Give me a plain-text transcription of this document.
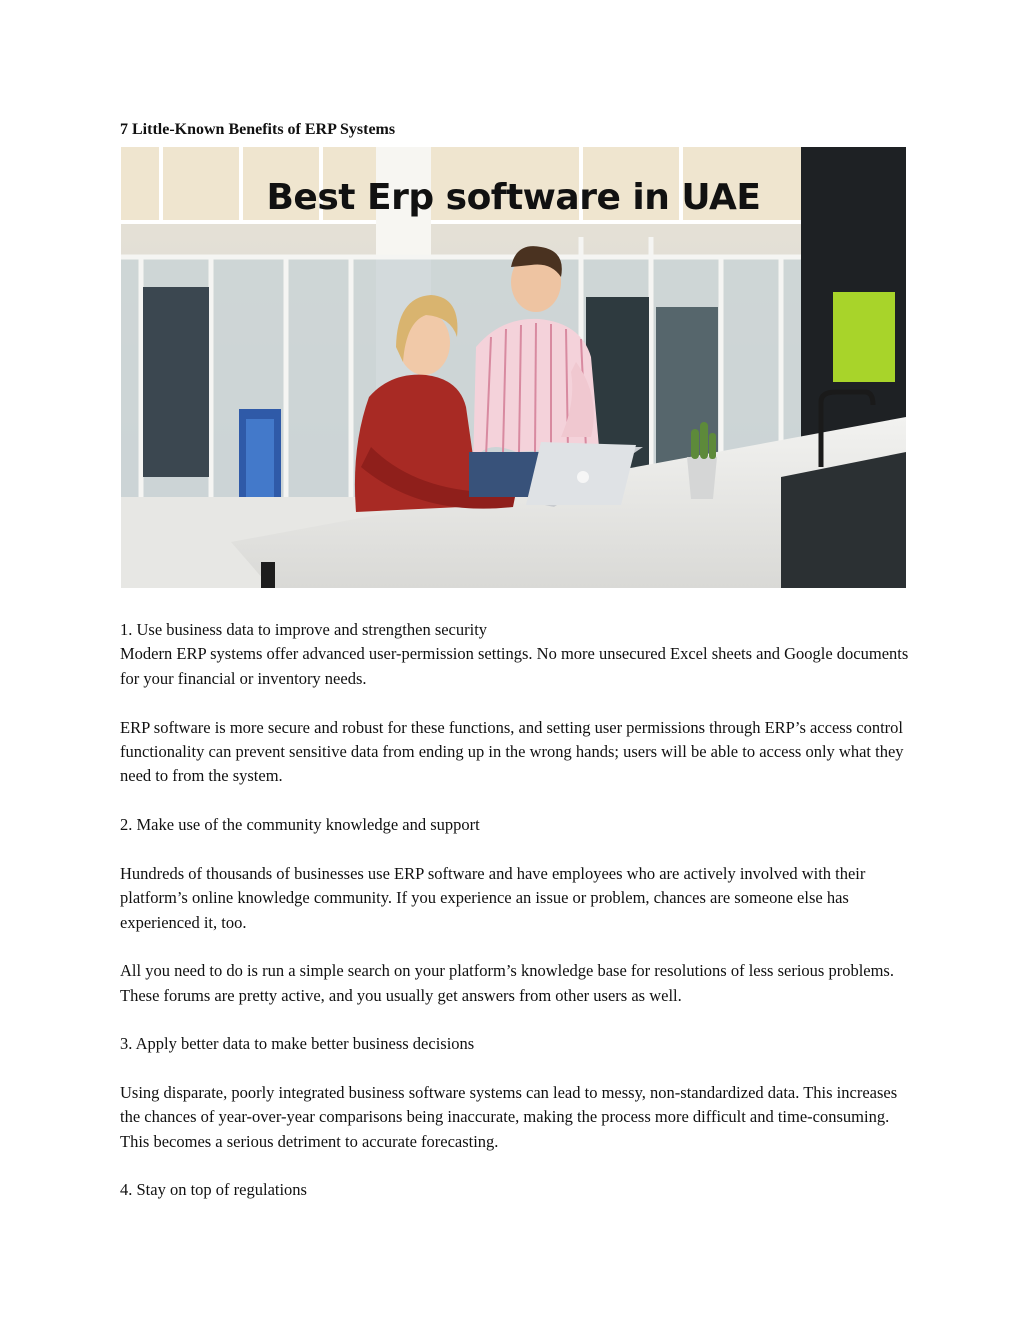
7 Little-Known Benefits of ERP Systems
Best Erp software in UAE

1. Use business data to improve and strengthen security

Modern ERP systems offer advanced user-permission settings. No more unsecured Excel sheets and Google documents for your financial or inventory needs.

ERP software is more secure and robust for these functions, and setting user permissions through ERP’s access control functionality can prevent sensitive data from ending up in the wrong hands; users will be able to access only what they need to from the system.

2. Make use of the community knowledge and support

Hundreds of thousands of businesses use ERP software and have employees who are actively involved with their platform’s online knowledge community. If you experience an issue or problem, chances are someone else has experienced it, too.

All you need to do is run a simple search on your platform’s knowledge base for resolutions of less serious problems. These forums are pretty active, and you usually get answers from other users as well.

3. Apply better data to make better business decisions

Using disparate, poorly integrated business software systems can lead to messy, non-standardized data. This increases the chances of year-over-year comparisons being inaccurate, making the process more difficult and time-consuming. This becomes a serious detriment to accurate forecasting.

4. Stay on top of regulations
